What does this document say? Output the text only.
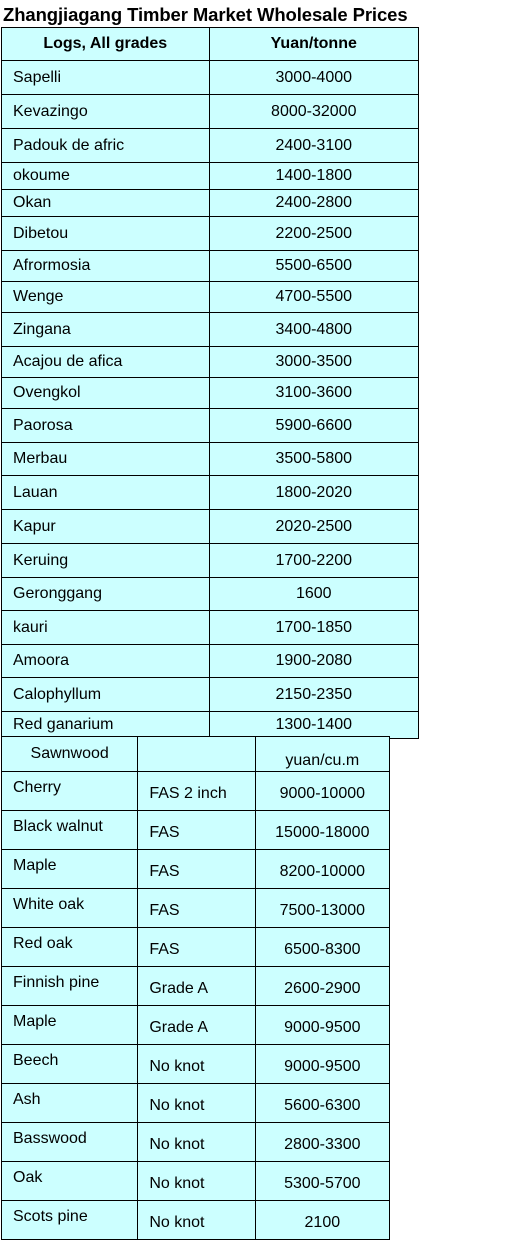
Zhangjiagang Timber Market Wholesale Prices
Logs, All grades	Yuan/tonne
Sapelli	3000-4000
Kevazingo	8000-32000
Padouk de afric	2400-3100
okoume	1400-1800
Okan	2400-2800
Dibetou	2200-2500
Afrormosia	5500-6500
Wenge	4700-5500
Zingana	3400-4800
Acajou de afica	3000-3500
Ovengkol	3100-3600
Paorosa	5900-6600
Merbau	3500-5800
Lauan	1800-2020
Kapur	2020-2500
Keruing	1700-2200
Geronggang	1600
kauri	1700-1850
Amoora	1900-2080
Calophyllum	2150-2350
Red ganarium	1300-1400
Sawnwood		yuan/cu.m
Cherry	FAS 2 inch	9000-10000
Black walnut	FAS	15000-18000
Maple	FAS	8200-10000
White oak	FAS	7500-13000
Red oak	FAS	6500-8300
Finnish pine	Grade A	2600-2900
Maple	Grade A	9000-9500
Beech	No knot	9000-9500
Ash	No knot	5600-6300
Basswood	No knot	2800-3300
Oak	No knot	5300-5700
Scots pine	No knot	2100
